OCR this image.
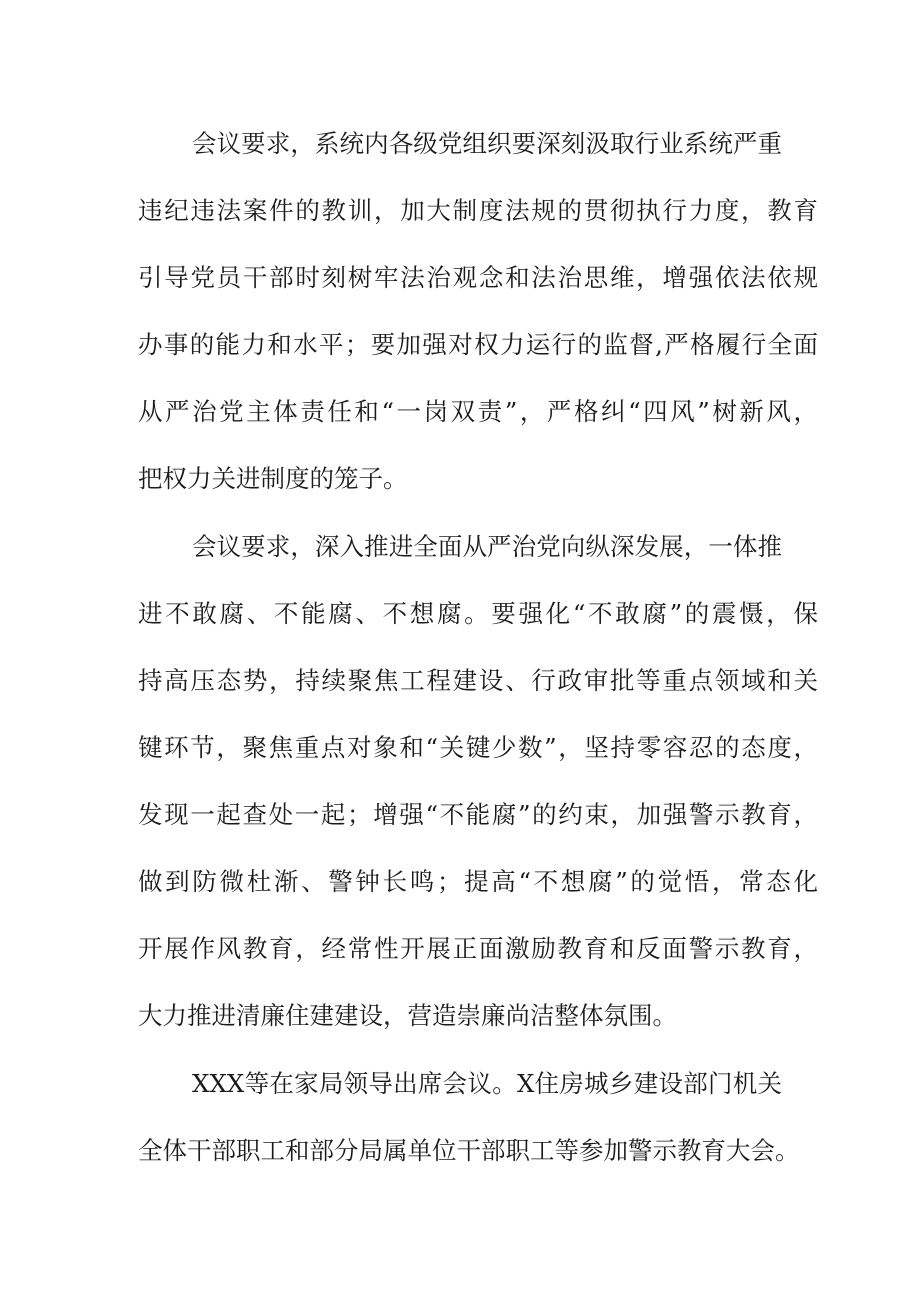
会议要求，系统内各级党组织要深刻汲取行业系统严重

违纪违法案件的教训，加大制度法规的贯彻执行力度，教育

引导党员干部时刻树牢法治观念和法治思维，增强依法依规

办事的能力和水平；要加强对权力运行的监督,严格履行全面

从严治党主体责任和“一岗双责”，严格纠“四风”树新风，

把权力关进制度的笼子。

会议要求，深入推进全面从严治党向纵深发展，一体推

进不敢腐、不能腐、不想腐。要强化“不敢腐”的震慑，保

持高压态势，持续聚焦工程建设、行政审批等重点领域和关

键环节，聚焦重点对象和“关键少数”，坚持零容忍的态度，

发现一起查处一起；增强“不能腐”的约束，加强警示教育，

做到防微杜渐、警钟长鸣；提高“不想腐”的觉悟，常态化

开展作风教育，经常性开展正面激励教育和反面警示教育，

大力推进清廉住建建设，营造崇廉尚洁整体氛围。

XXX等在家局领导出席会议。X住房城乡建设部门机关

全体干部职工和部分局属单位干部职工等参加警示教育大会。
